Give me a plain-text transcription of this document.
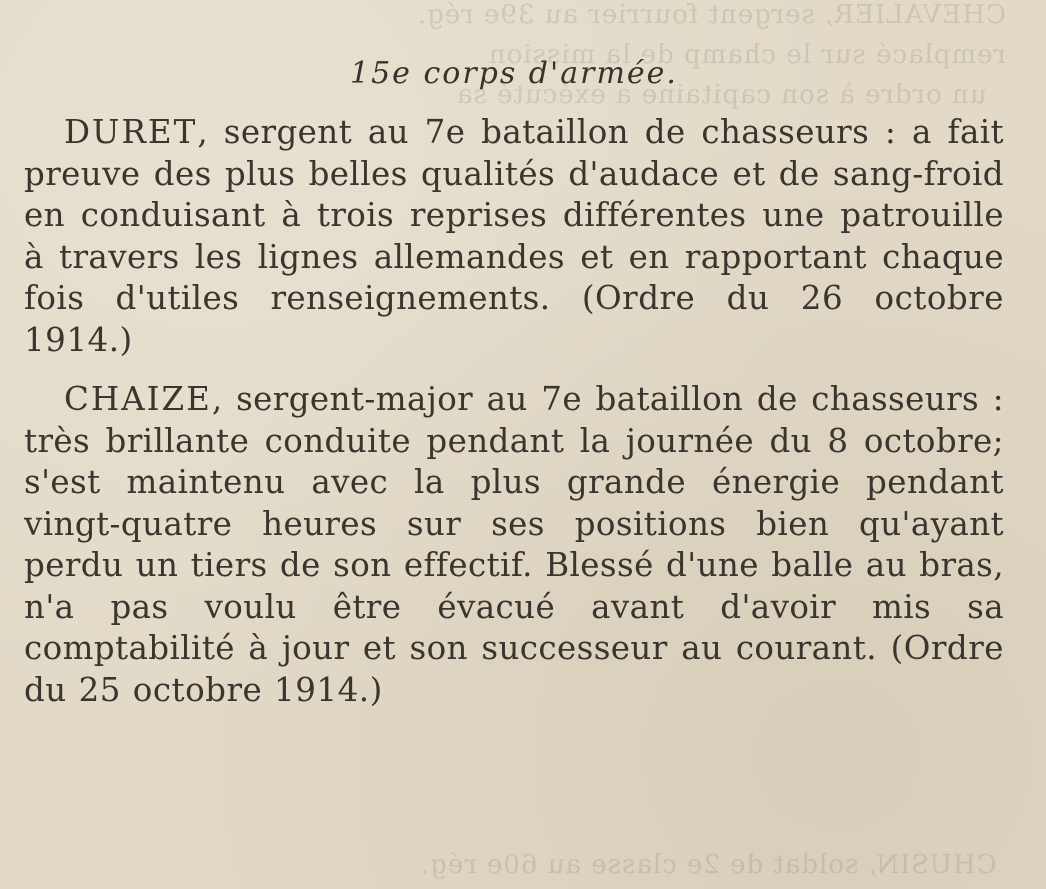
CHEVALIER, sergent fourrier au 39e rég.
remplacé sur le champ de la mission
un ordre à son capitaine a exécuté sa
CHUSIN, soldat de 2e classe au 60e rég.
15e corps d'armée.

DURET, sergent au 7e bataillon de chasseurs : a fait preuve des plus belles qualités d'audace et de sang-froid en conduisant à trois reprises différentes une patrouille à travers les lignes allemandes et en rapportant chaque fois d'utiles renseignements. (Ordre du 26 octobre 1914.)

CHAIZE, sergent-major au 7e bataillon de chasseurs : très brillante conduite pendant la journée du 8 octobre; s'est maintenu avec la plus grande énergie pendant vingt-quatre heures sur ses positions bien qu'ayant perdu un tiers de son effectif. Blessé d'une balle au bras, n'a pas voulu être évacué avant d'avoir mis sa comptabilité à jour et son successeur au courant. (Ordre du 25 octobre 1914.)
